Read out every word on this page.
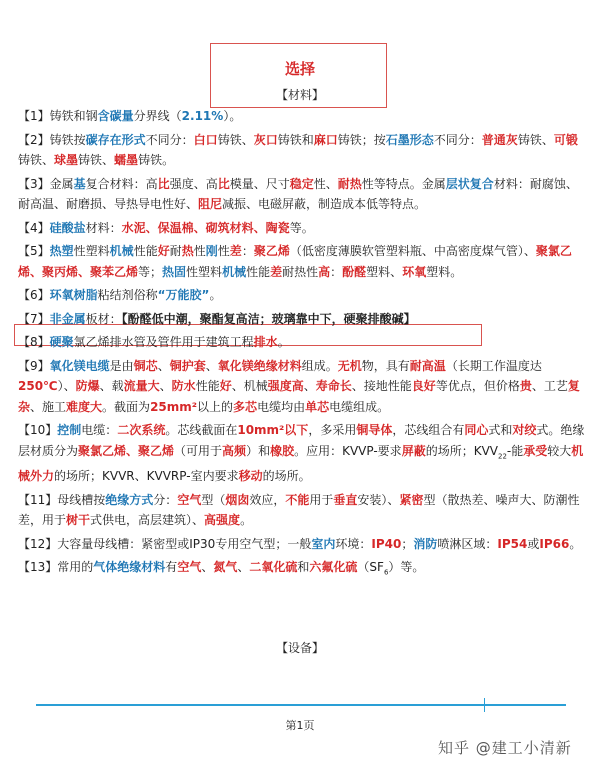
选择
【材料】
【1】铸铁和钢含碳量分界线（2.11%）。
【2】铸铁按碳存在形式不同分：白口铸铁、灰口铸铁和麻口铸铁；按石墨形态不同分：普通灰铸铁、可锻铸铁、球墨铸铁、蠕墨铸铁。
【3】金属基复合材料：高比强度、高比模量、尺寸稳定性、耐热性等特点。金属层状复合材料：耐腐蚀、耐高温、耐磨损、导热导电性好、阻尼减振、电磁屏蔽，制造成本低等特点。
【4】硅酸盐材料：水泥、保温棉、砌筑材料、陶瓷等。
【5】热塑性塑料机械性能好耐热性刚性差：聚乙烯（低密度薄膜软管塑料瓶、中高密度煤气管）、聚氯乙烯、聚丙烯、聚苯乙烯等；热固性塑料机械性能差耐热性高：酚醛塑料、环氧塑料。
【6】环氧树脂粘结剂俗称“万能胶”。
【7】非金属板材：【酚醛低中潮，聚酯复高洁；玻璃靠中下，硬聚排酸碱】
【8】硬聚氯乙烯排水管及管件用于建筑工程排水。
【9】氧化镁电缆是由铜芯、铜护套、氧化镁绝缘材料组成。无机物，具有耐高温（长期工作温度达250℃）、防爆、载流量大、防水性能好、机械强度高、寿命长、接地性能良好等优点，但价格贵、工艺复杂、施工难度大。截面为25mm²以上的多芯电缆均由单芯电缆组成。
【10】控制电缆：二次系统。芯线截面在10mm²以下，多采用铜导体，芯线组合有同心式和对绞式。绝缘层材质分为聚氯乙烯、聚乙烯（可用于高频）和橡胶。应用：KVVP-要求屏蔽的场所；$KVV_{22}-$能承受较大机械外力的场所；KVVR、KVVRP-室内要求移动的场所。
【11】母线槽按绝缘方式分：空气型（烟囱效应，不能用于垂直安装）、紧密型（散热差、噪声大、防潮性差，用于树干式供电，高层建筑）、高强度。
【12】大容量母线槽：紧密型或IP30专用空气型；一般室内环境：IP40；消防喷淋区域：IP54或IP66。
【13】常用的气体绝缘材料有空气、氮气、二氧化硫和六氟化硫$(SF_6)$等。
【设备】
第1页
知乎 @建工小清新
